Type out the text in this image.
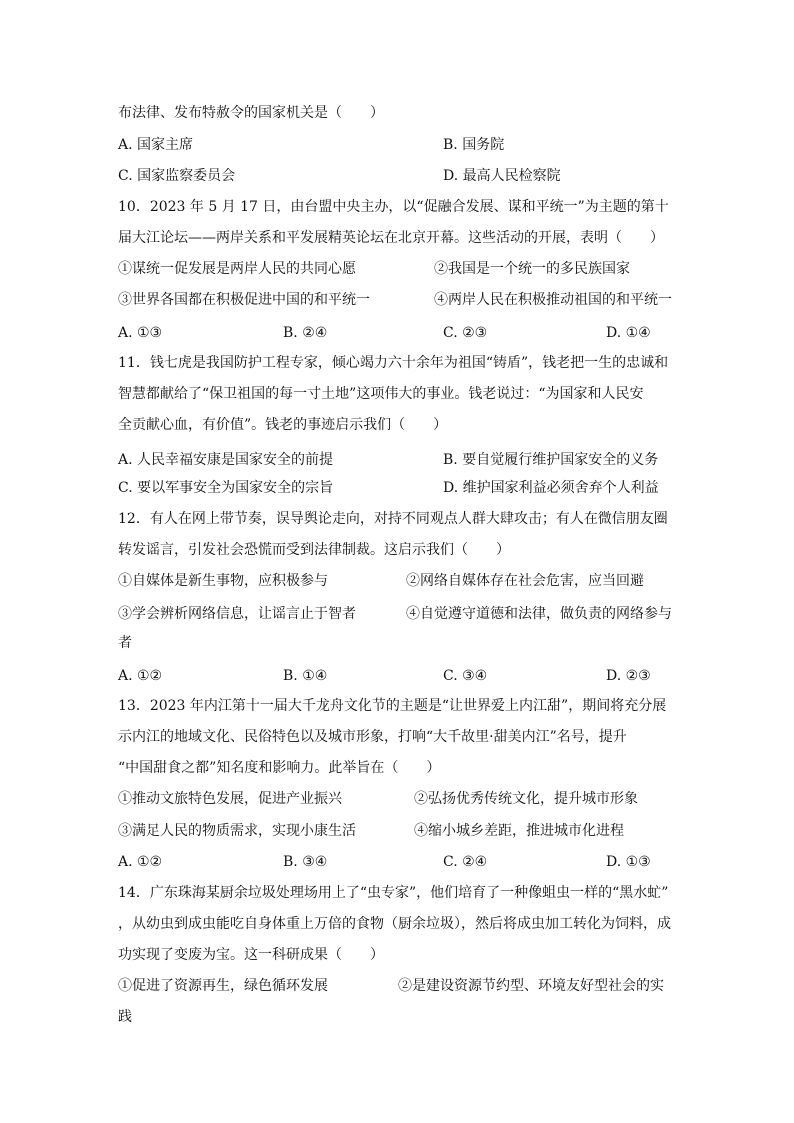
布法律、发布特赦令的国家机关是（　　）
A. 国家主席	B. 国务院
C. 国家监察委员会	D. 最高人民检察院
10．2023 年 5 月 17 日，由台盟中央主办，以“促融合发展、谋和平统一”为主题的第十
届大江论坛——两岸关系和平发展精英论坛在北京开幕。这些活动的开展，表明（　　）
①谋统一促发展是两岸人民的共同心愿	②我国是一个统一的多民族国家
③世界各国都在积极促进中国的和平统一	④两岸人民在积极推动祖国的和平统一
A. ①③	B. ②④	C. ②③	D. ①④
11．钱七虎是我国防护工程专家，倾心竭力六十余年为祖国“铸盾”，钱老把一生的忠诚和
智慧都献给了“保卫祖国的每一寸土地”这项伟大的事业。钱老说过：“为国家和人民安
全贡献心血，有价值”。钱老的事迹启示我们（　　）
A. 人民幸福安康是国家安全的前提	B. 要自觉履行维护国家安全的义务
C. 要以军事安全为国家安全的宗旨	D. 维护国家利益必须舍弃个人利益
12．有人在网上带节奏，误导舆论走向，对持不同观点人群大肆攻击；有人在微信朋友圈
转发谣言，引发社会恐慌而受到法律制裁。这启示我们（　　）
①自媒体是新生事物，应积极参与	②网络自媒体存在社会危害，应当回避
③学会辨析网络信息，让谣言止于智者	④自觉遵守道德和法律，做负责的网络参与
者
A. ①②	B. ①④	C. ③④	D. ②③
13．2023 年内江第十一届大千龙舟文化节的主题是“让世界爱上内江甜”，期间将充分展
示内江的地域文化、民俗特色以及城市形象，打响“大千故里·甜美内江”名号，提升
“中国甜食之都”知名度和影响力。此举旨在（　　）
①推动文旅特色发展，促进产业振兴	②弘扬优秀传统文化，提升城市形象
③满足人民的物质需求，实现小康生活	④缩小城乡差距，推进城市化进程
A. ①②	B. ③④	C. ②④	D. ①③
14．广东珠海某厨余垃圾处理场用上了“虫专家”，他们培育了一种像蛆虫一样的“黑水虻”
，从幼虫到成虫能吃自身体重上万倍的食物（厨余垃圾），然后将成虫加工转化为饲料，成
功实现了变废为宝。这一科研成果（　　）
①促进了资源再生，绿色循环发展	②是建设资源节约型、环境友好型社会的实
践
